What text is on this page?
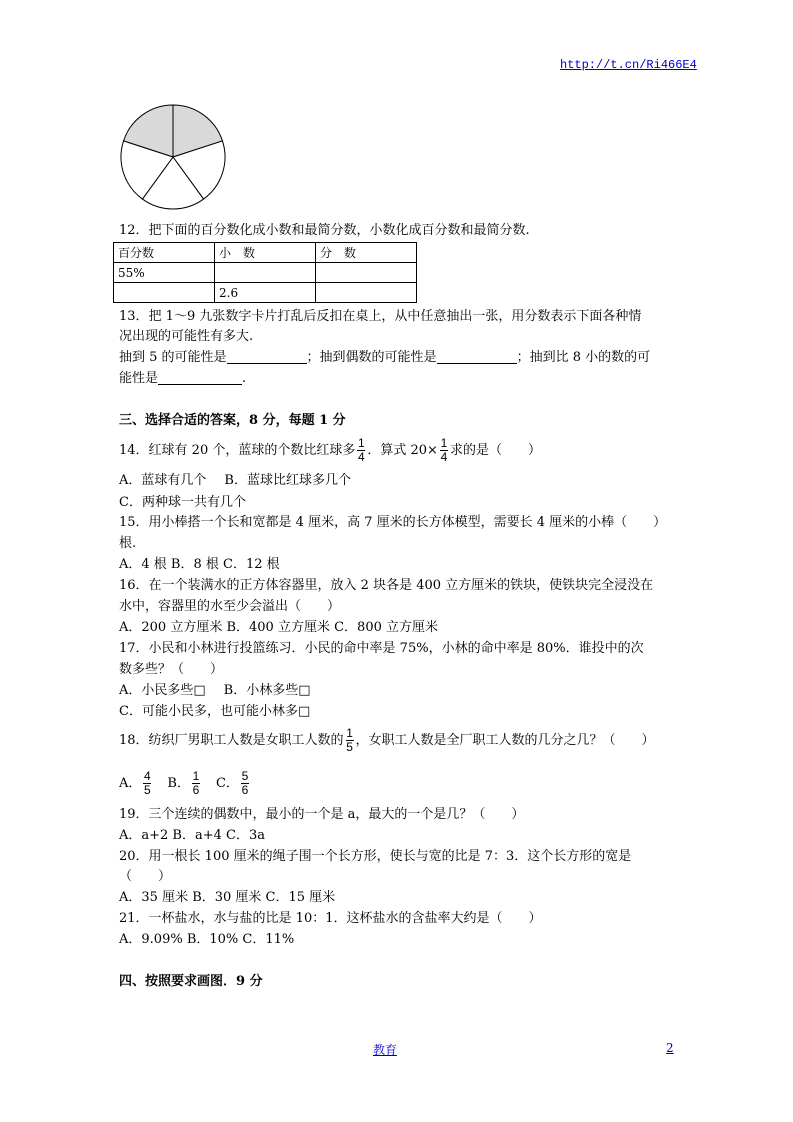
http://t.cn/Ri466E4
12．把下面的百分数化成小数和最简分数，小数化成百分数和最简分数.
百分数	小　数	分　数
55%		
	2.6	
13．把 1～9 九张数字卡片打乱后反扣在桌上，从中任意抽出一张，用分数表示下面各种情
况出现的可能性有多大.
抽到 5 的可能性是	；抽到偶数的可能性是	；抽到比 8 小的数的可
能性是	.
三、选择合适的答案，8 分，每题 1 分
14．红球有 20 个，蓝球的个数比红球多 $\frac{1}{4}$ ．算式 $20\times \frac{1}{4}$ 求的是（　　）
A．蓝球有几个 B．蓝球比红球多几个
C．两种球一共有几个
15．用小棒搭一个长和宽都是 4 厘米，高 7 厘米的长方体模型，需要长 4 厘米的小棒（　　）
根.
A．4 根 B．8 根 C．12 根
16．在一个装满水的正方体容器里，放入 2 块各是 400 立方厘米的铁块，使铁块完全浸没在
水中，容器里的水至少会溢出（　　）
A．200 立方厘米 B．400 立方厘米 C．800 立方厘米
17．小民和小林进行投篮练习．小民的命中率是 75%，小林的命中率是 80%．谁投中的次
数多些？（　　）
A．小民多些□ B．小林多些□
C．可能小民多，也可能小林多□
18．纺织厂男职工人数是女职工人数的 $\frac{1}{5}$ ，女职工人数是全厂职工人数的几分之几？（　　）
A． $\frac{4}{5}$ B． $\frac{1}{6}$ C． $\frac{5}{6}$
19．三个连续的偶数中，最小的一个是 a，最大的一个是几？（　　）
A．a+2 B．a+4 C．3a
20．用一根长 100 厘米的绳子围一个长方形，使长与宽的比是 7：3．这个长方形的宽是
（　　）
A．35 厘米 B．30 厘米 C．15 厘米
21．一杯盐水，水与盐的比是 10：1．这杯盐水的含盐率大约是（　　）
A．9.09% B．10% C．11%
四、按照要求画图．9 分
教育	2
